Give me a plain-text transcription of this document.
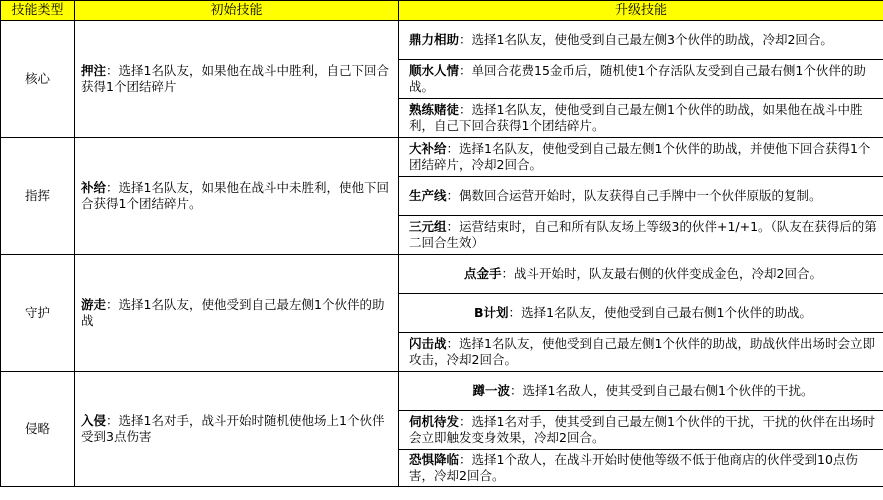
技能类型	初始技能	升级技能
核心	押注：选择1名队友，如果他在战斗中胜利，自己下回合获得1个团结碎片	鼎力相助：选择1名队友，使他受到自己最左侧3个伙伴的助战，冷却2回合。
		顺水人情：单回合花费15金币后，随机使1个存活队友受到自己最右侧1个伙伴的助战。
		熟练赌徒：选择1名队友，使他受到自己最左侧1个伙伴的助战，如果他在战斗中胜利，自己下回合获得1个团结碎片。
指挥	补给：选择1名队友，如果他在战斗中未胜利，使他下回合获得1个团结碎片。	大补给：选择1名队友，使他受到自己最左侧1个伙伴的助战，并使他下回合获得1个团结碎片，冷却2回合。
		生产线：偶数回合运营开始时，队友获得自己手牌中一个伙伴原版的复制。
		三元组：运营结束时，自己和所有队友场上等级3的伙伴+1/+1。（队友在获得后的第二回合生效）
守护	游走：选择1名队友，使他受到自己最左侧1个伙伴的助战	点金手：战斗开始时，队友最右侧的伙伴变成金色，冷却2回合。
		B计划：选择1名队友，使他受到自己最右侧1个伙伴的助战。
		闪击战：选择1名队友，使他受到自己最左侧1个伙伴的助战，助战伙伴出场时会立即攻击，冷却2回合。
侵略	入侵：选择1名对手，战斗开始时随机使他场上1个伙伴受到3点伤害	蹲一波：选择1名敌人，使其受到自己最右侧1个伙伴的干扰。
		伺机待发：选择1名对手，使其受到自己最左侧1个伙伴的干扰，干扰的伙伴在出场时会立即触发变身效果，冷却2回合。
		恐惧降临：选择1个敌人，在战斗开始时使他等级不低于他商店的伙伴受到10点伤害，冷却2回合。
